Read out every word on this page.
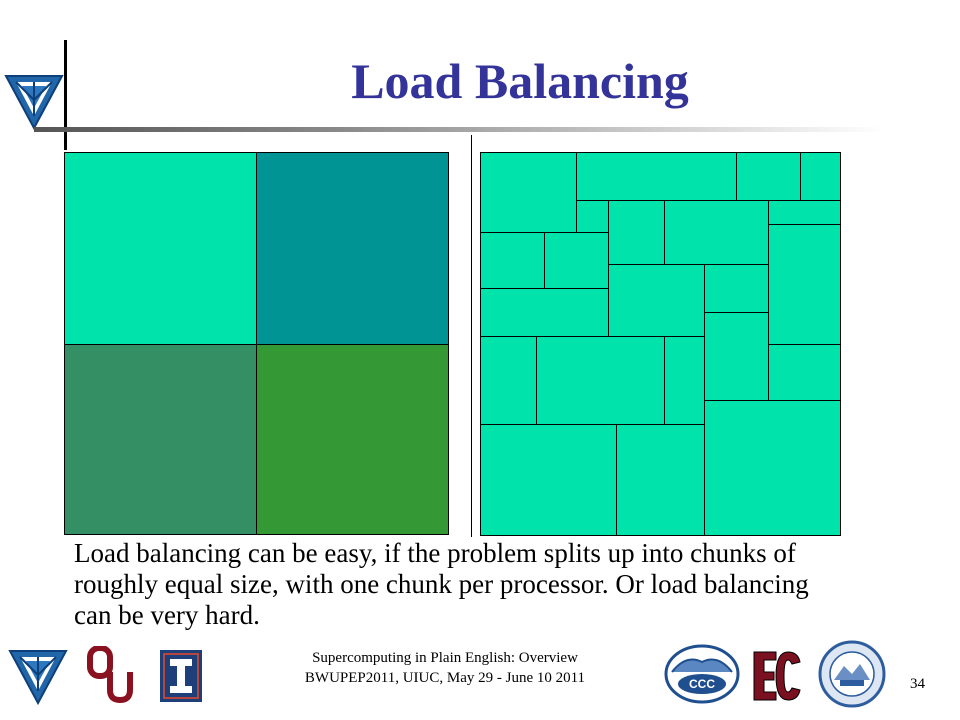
Load Balancing
Load balancing can be easy, if the problem splits up into chunks of roughly equal size, with one chunk per processor. Or load balancing can be very hard.
Supercomputing in Plain English: Overview
BWUPEP2011, UIUC, May 29 - June 10 2011	CCC	34
